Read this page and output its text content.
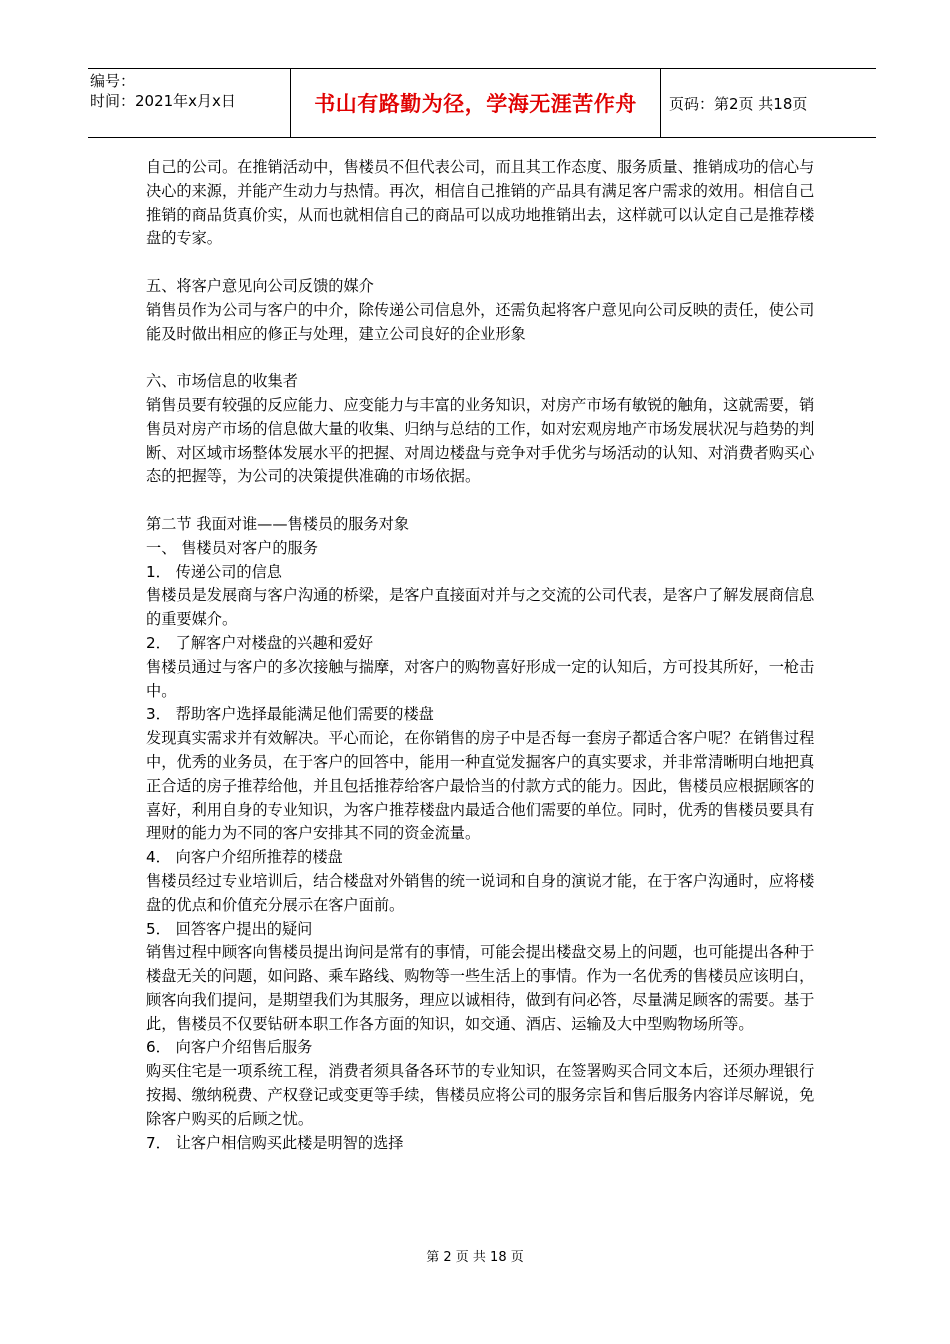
编号：
时间：2021年x月x日	书山有路勤为径，学海无涯苦作舟 页码：第2页 共18页

自己的公司。在推销活动中，售楼员不但代表公司，而且其工作态度、服务质量、推销成功的信心与决心的来源，并能产生动力与热情。再次，相信自己推销的产品具有满足客户需求的效用。相信自己推销的商品货真价实，从而也就相信自己的商品可以成功地推销出去，这样就可以认定自己是推荐楼盘的专家。

五、将客户意见向公司反馈的媒介

销售员作为公司与客户的中介，除传递公司信息外，还需负起将客户意见向公司反映的责任，使公司能及时做出相应的修正与处理，建立公司良好的企业形象

六、市场信息的收集者

销售员要有较强的反应能力、应变能力与丰富的业务知识，对房产市场有敏锐的触角，这就需要，销售员对房产市场的信息做大量的收集、归纳与总结的工作，如对宏观房地产市场发展状况与趋势的判断、对区域市场整体发展水平的把握、对周边楼盘与竞争对手优劣与场活动的认知、对消费者购买心态的把握等，为公司的决策提供准确的市场依据。

第二节 我面对谁——售楼员的服务对象

一、 售楼员对客户的服务

1． 传递公司的信息

售楼员是发展商与客户沟通的桥梁，是客户直接面对并与之交流的公司代表，是客户了解发展商信息的重要媒介。

2． 了解客户对楼盘的兴趣和爱好

售楼员通过与客户的多次接触与揣摩，对客户的购物喜好形成一定的认知后，方可投其所好，一枪击中。

3． 帮助客户选择最能满足他们需要的楼盘

发现真实需求并有效解决。平心而论，在你销售的房子中是否每一套房子都适合客户呢？在销售过程中，优秀的业务员，在于客户的回答中，能用一种直觉发掘客户的真实要求，并非常清晰明白地把真正合适的房子推荐给他，并且包括推荐给客户最恰当的付款方式的能力。因此，售楼员应根据顾客的喜好，利用自身的专业知识，为客户推荐楼盘内最适合他们需要的单位。同时，优秀的售楼员要具有理财的能力为不同的客户安排其不同的资金流量。

4． 向客户介绍所推荐的楼盘

售楼员经过专业培训后，结合楼盘对外销售的统一说词和自身的演说才能，在于客户沟通时，应将楼盘的优点和价值充分展示在客户面前。

5． 回答客户提出的疑问

销售过程中顾客向售楼员提出询问是常有的事情，可能会提出楼盘交易上的问题，也可能提出各种于楼盘无关的问题，如问路、乘车路线、购物等一些生活上的事情。作为一名优秀的售楼员应该明白，顾客向我们提问，是期望我们为其服务，理应以诚相待，做到有问必答，尽量满足顾客的需要。基于此，售楼员不仅要钻研本职工作各方面的知识，如交通、酒店、运输及大中型购物场所等。

6． 向客户介绍售后服务

购买住宅是一项系统工程，消费者须具备各环节的专业知识，在签署购买合同文本后，还须办理银行按揭、缴纳税费、产权登记或变更等手续，售楼员应将公司的服务宗旨和售后服务内容详尽解说，免除客户购买的后顾之忧。

7． 让客户相信购买此楼是明智的选择

第 2 页 共 18 页
